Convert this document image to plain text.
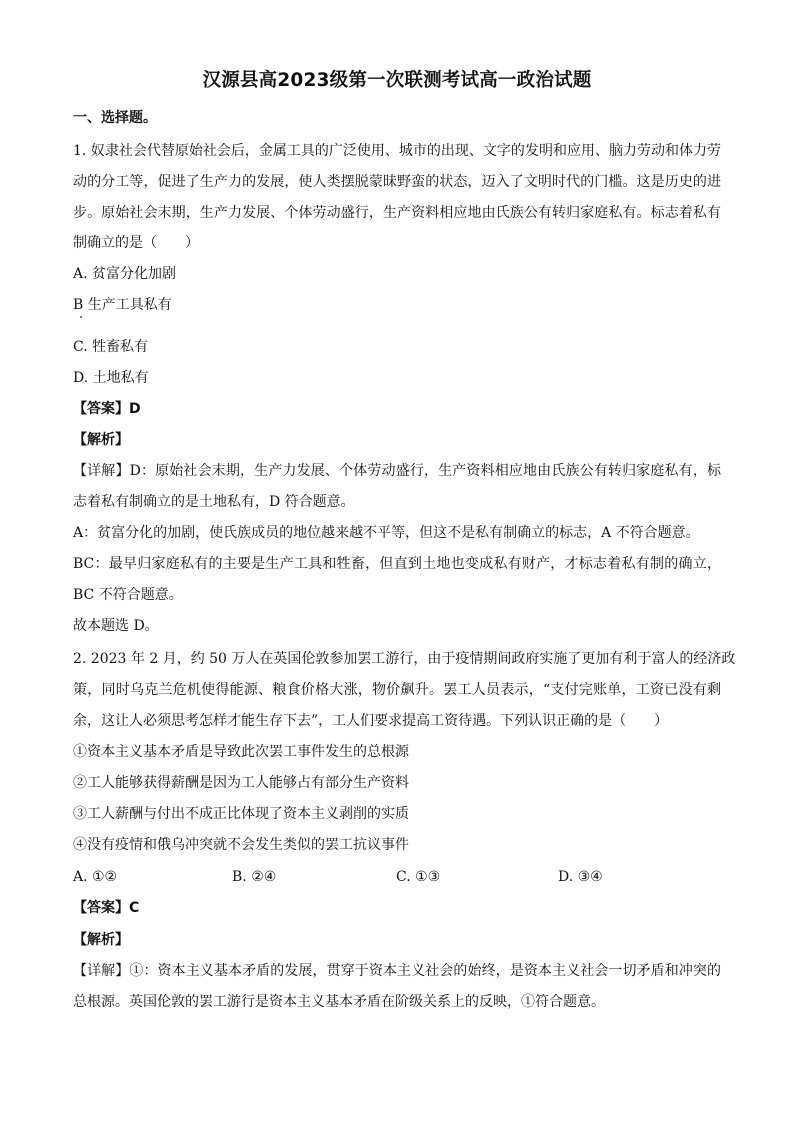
汉源县高2023级第一次联测考试高一政治试题
一、选择题。
1. 奴隶社会代替原始社会后，金属工具的广泛使用、城市的出现、文字的发明和应用、脑力劳动和体力劳
动的分工等，促进了生产力的发展，使人类摆脱蒙昧野蛮的状态，迈入了文明时代的门槛。这是历史的进
步。原始社会末期，生产力发展、个体劳动盛行，生产资料相应地由氏族公有转归家庭私有。标志着私有
制确立的是（　　）
A. 贫富分化加剧
B 生产工具私有
C. 牲畜私有
D. 土地私有
【答案】D
【解析】
【详解】D：原始社会末期，生产力发展、个体劳动盛行，生产资料相应地由氏族公有转归家庭私有，标
志着私有制确立的是土地私有，D 符合题意。
A：贫富分化的加剧，使氏族成员的地位越来越不平等，但这不是私有制确立的标志，A 不符合题意。
BC：最早归家庭私有的主要是生产工具和牲畜，但直到土地也变成私有财产，才标志着私有制的确立，
BC 不符合题意。
故本题选 D。
2. 2023 年 2 月，约 50 万人在英国伦敦参加罢工游行，由于疫情期间政府实施了更加有利于富人的经济政
策，同时乌克兰危机使得能源、粮食价格大涨，物价飙升。罢工人员表示，“支付完账单，工资已没有剩
余，这让人必须思考怎样才能生存下去”，工人们要求提高工资待遇。下列认识正确的是（　　）
①资本主义基本矛盾是导致此次罢工事件发生的总根源
②工人能够获得薪酬是因为工人能够占有部分生产资料
③工人薪酬与付出不成正比体现了资本主义剥削的实质
④没有疫情和俄乌冲突就不会发生类似的罢工抗议事件
A. ①②	B. ②④	C. ①③	D. ③④
【答案】C
【解析】
【详解】①：资本主义基本矛盾的发展，贯穿于资本主义社会的始终，是资本主义社会一切矛盾和冲突的
总根源。英国伦敦的罢工游行是资本主义基本矛盾在阶级关系上的反映，①符合题意。
